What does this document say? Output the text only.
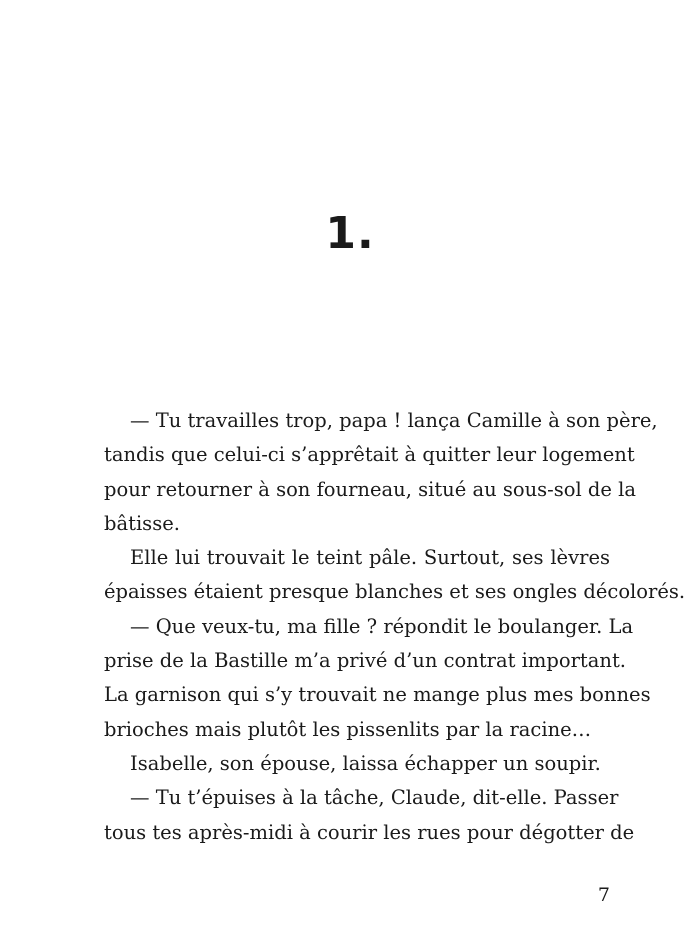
1.
— Tu travailles trop, papa ! lança Camille à son père,
tandis que celui-ci s’apprêtait à quitter leur logement
pour retourner à son fourneau, situé au sous-sol de la
bâtisse.
Elle lui trouvait le teint pâle. Surtout, ses lèvres
épaisses étaient presque blanches et ses ongles décolorés.
— Que veux-tu, ma fille ? répondit le boulanger. La
prise de la Bastille m’a privé d’un contrat important.
La garnison qui s’y trouvait ne mange plus mes bonnes
brioches mais plutôt les pissenlits par la racine…
Isabelle, son épouse, laissa échapper un soupir.
— Tu t’épuises à la tâche, Claude, dit-elle. Passer
tous tes après-midi à courir les rues pour dégotter de
7
